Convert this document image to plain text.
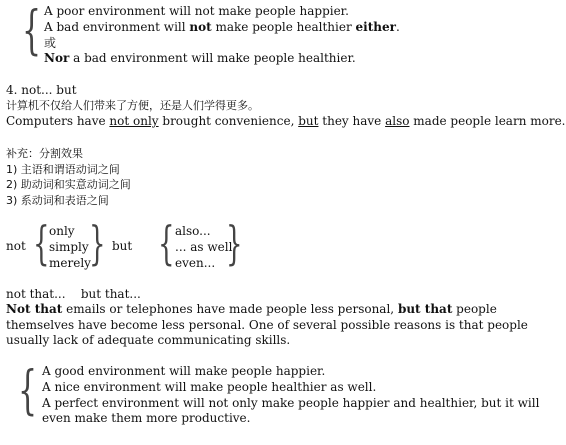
{ A poor environment will not make people happier.
A bad environment will not make people healthier either.
或
Nor a bad environment will make people healthier.
4. not... but
计算机不仅给人们带来了方便，还是人们学得更多。
Computers have not only brought convenience, but they have also made people learn more.
补充：分割效果
1) 主语和谓语动词之间
2) 助动词和实意动词之间
3) 系动词和表语之间
not { only
simply
merely
} but { also...
... as well.
even... }
not that...    but that...
Not that emails or telephones have made people less personal, but that people
themselves have become less personal. One of several possible reasons is that people
usually lack of adequate communicating skills.
{ A good environment will make people happier.
A nice environment will make people healthier as well.
A perfect environment will not only make people happier and healthier, but it will
even make them more productive.
